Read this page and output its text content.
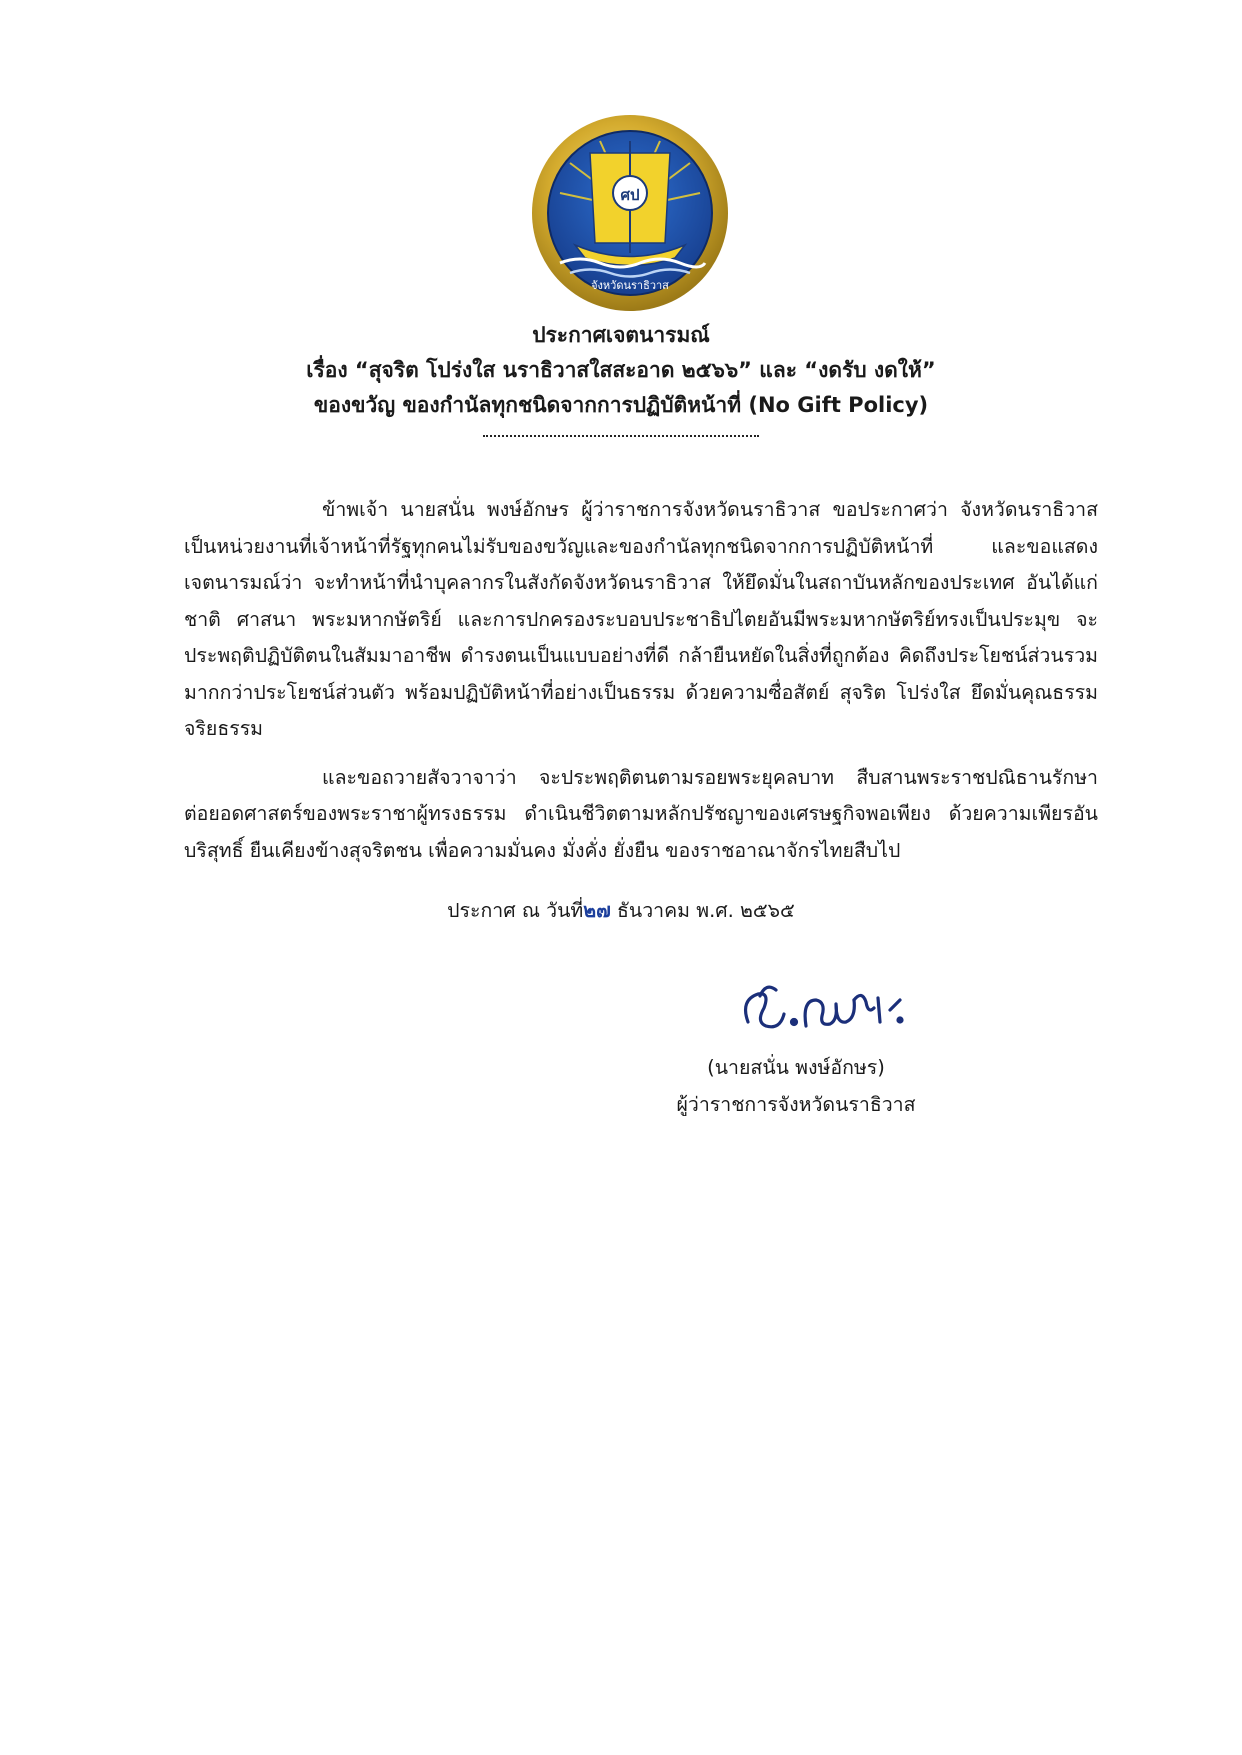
ศป
จังหวัดนราธิวาส
ประกาศเจตนารมณ์
เรื่อง “สุจริต โปร่งใส นราธิวาสใสสะอาด ๒๕๖๖” และ “งดรับ งดให้”
ของขวัญ ของกำนัลทุกชนิดจากการปฏิบัติหน้าที่ (No Gift Policy)

ข้าพเจ้า นายสนั่น พงษ์อักษร ผู้ว่าราชการจังหวัดนราธิวาส ขอประกาศว่า จังหวัดนราธิวาส เป็นหน่วยงานที่เจ้าหน้าที่รัฐทุกคนไม่รับของขวัญและของกำนัลทุกชนิดจากการปฏิบัติหน้าที่ และขอแสดงเจตนารมณ์ว่า จะทำหน้าที่นำบุคลากรในสังกัดจังหวัดนราธิวาส ให้ยึดมั่นในสถาบันหลักของประเทศ อันได้แก่ ชาติ ศาสนา พระมหากษัตริย์ และการปกครองระบอบประชาธิปไตยอันมีพระมหากษัตริย์ทรงเป็นประมุข จะประพฤติปฏิบัติตนในสัมมาอาชีพ ดำรงตนเป็นแบบอย่างที่ดี กล้ายืนหยัดในสิ่งที่ถูกต้อง คิดถึงประโยชน์ส่วนรวมมากกว่าประโยชน์ส่วนตัว พร้อมปฏิบัติหน้าที่อย่างเป็นธรรม ด้วยความซื่อสัตย์ สุจริต โปร่งใส ยึดมั่นคุณธรรม จริยธรรม

และขอถวายสัจวาจาว่า จะประพฤติตนตามรอยพระยุคลบาท สืบสานพระราชปณิธานรักษาต่อยอดศาสตร์ของพระราชาผู้ทรงธรรม ดำเนินชีวิตตามหลักปรัชญาของเศรษฐกิจพอเพียง ด้วยความเพียรอันบริสุทธิ์ ยืนเคียงข้างสุจริตชน เพื่อความมั่นคง มั่งคั่ง ยั่งยืน ของราชอาณาจักรไทยสืบไป

ประกาศ ณ วันที่๒๗ ธันวาคม พ.ศ. ๒๕๖๕
(นายสนั่น พงษ์อักษร)
ผู้ว่าราชการจังหวัดนราธิวาส
